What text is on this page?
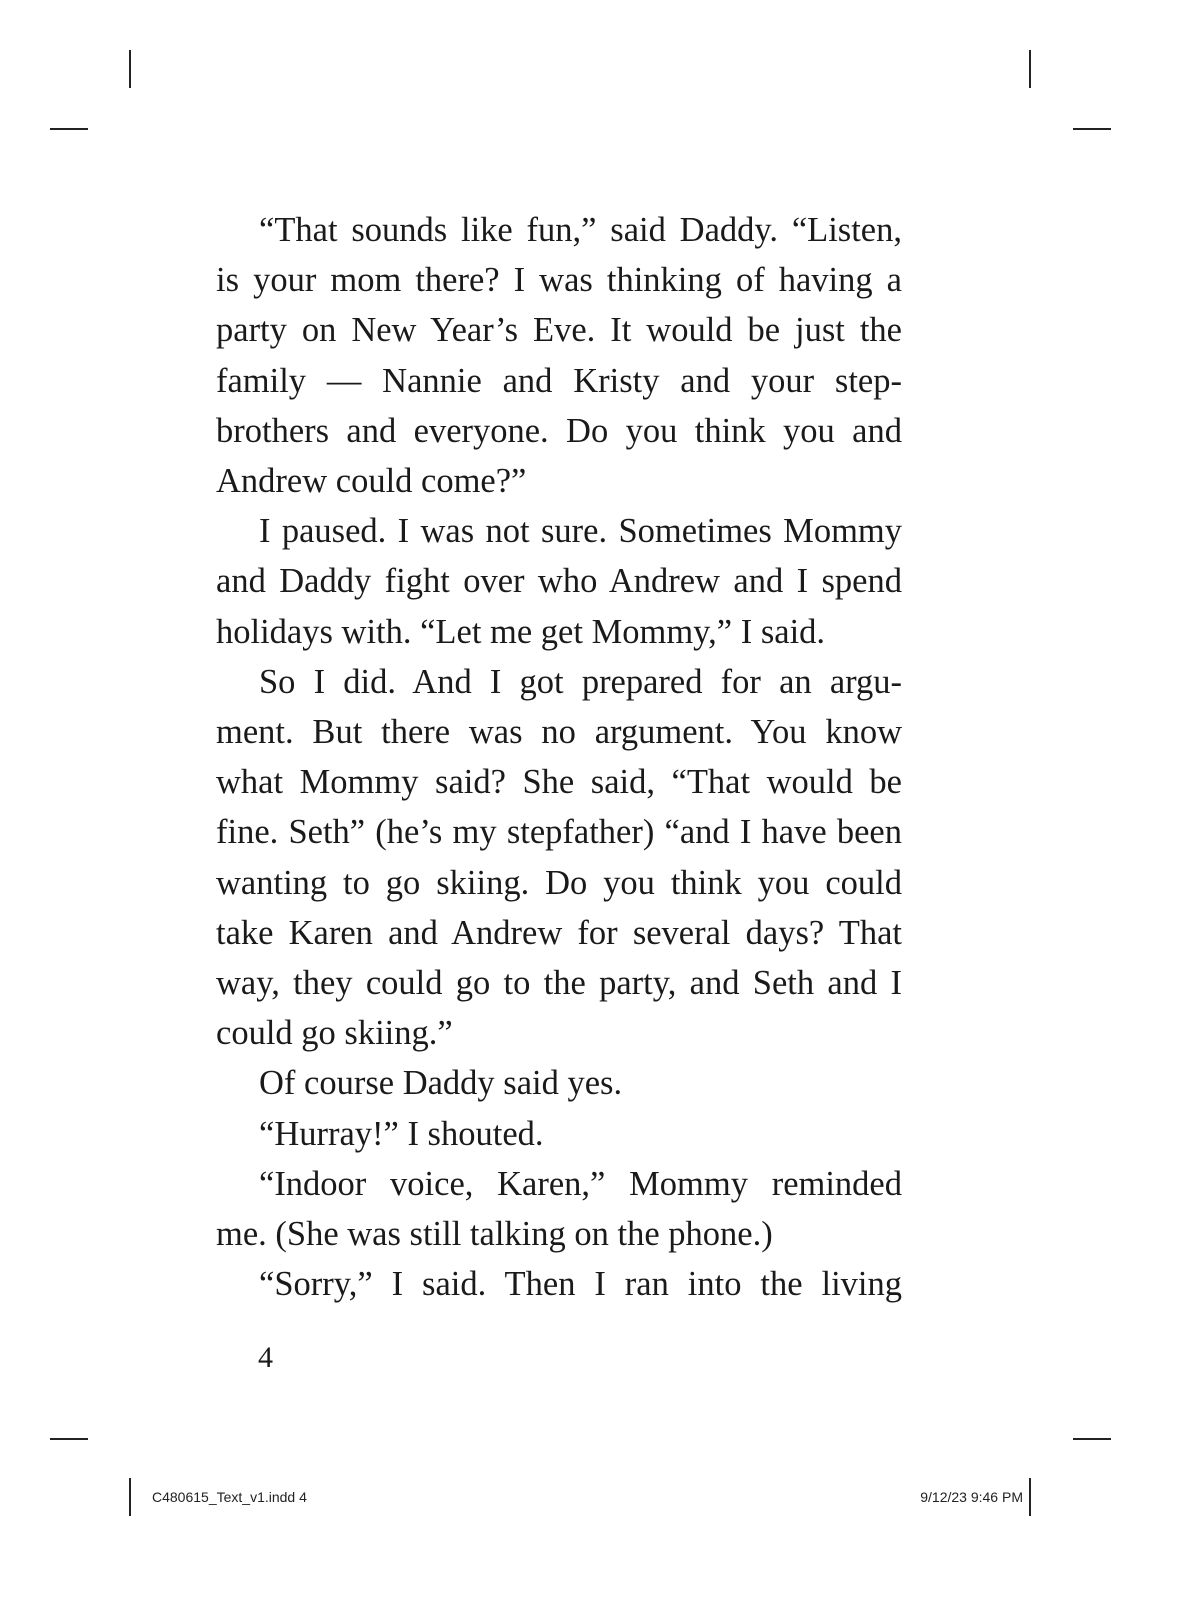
“That sounds like fun,” said Daddy. “Listen,
is your mom there? I was thinking of having a
party on New Year’s Eve. It would be just the
family — Nannie and Kristy and your step-
brothers and everyone. Do you think you and
Andrew could come?”
I paused. I was not sure. Sometimes Mommy
and Daddy fight over who Andrew and I spend
holidays with. “Let me get Mommy,” I said.
So I did. And I got prepared for an argu-
ment. But there was no argument. You know
what Mommy said? She said, “That would be
fine. Seth” (he’s my stepfather) “and I have been
wanting to go skiing. Do you think you could
take Karen and Andrew for several days? That
way, they could go to the party, and Seth and I
could go skiing.”
Of course Daddy said yes.
“Hurray!” I shouted.
“Indoor voice, Karen,” Mommy reminded
me. (She was still talking on the phone.)
“Sorry,” I said. Then I ran into the living
4
C480615_Text_v1.indd 4	9/12/23 9:46 PM
